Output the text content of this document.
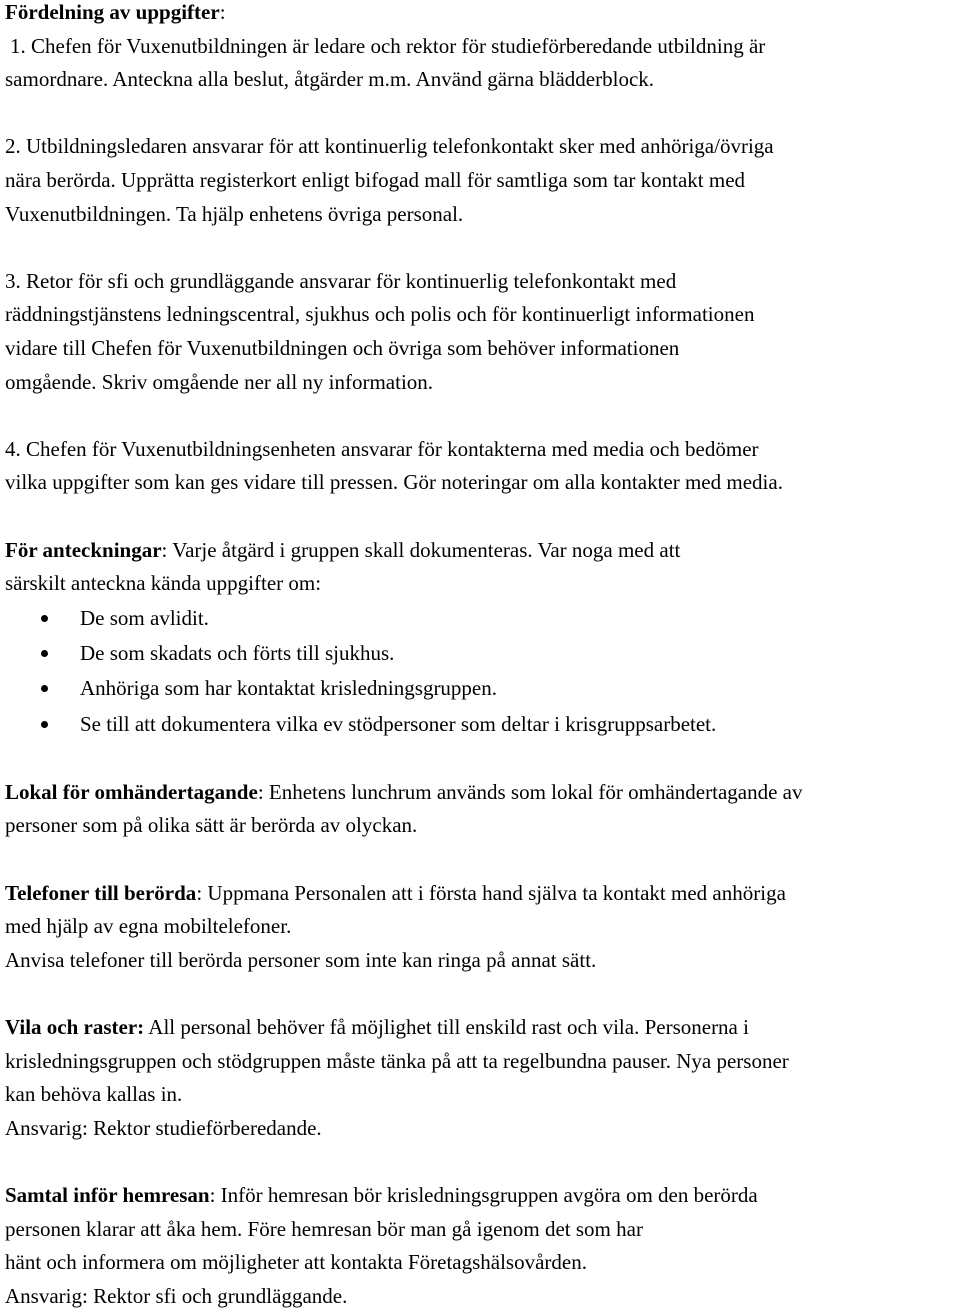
Fördelning av uppgifter:

1. Chefen för Vuxenutbildningen är ledare och rektor för studieförberedande utbildning är

samordnare. Anteckna alla beslut, åtgärder m.m. Använd gärna blädderblock.

2. Utbildningsledaren ansvarar för att kontinuerlig telefonkontakt sker med anhöriga/övriga

nära berörda. Upprätta registerkort enligt bifogad mall för samtliga som tar kontakt med

Vuxenutbildningen. Ta hjälp enhetens övriga personal.

3. Retor för sfi och grundläggande ansvarar för kontinuerlig telefonkontakt med

räddningstjänstens ledningscentral, sjukhus och polis och för kontinuerligt informationen

vidare till Chefen för Vuxenutbildningen och övriga som behöver informationen

omgående. Skriv omgående ner all ny information.

4. Chefen för Vuxenutbildningsenheten ansvarar för kontakterna med media och bedömer

vilka uppgifter som kan ges vidare till pressen. Gör noteringar om alla kontakter med media.

För anteckningar: Varje åtgärd i gruppen skall dokumenteras. Var noga med att

särskilt anteckna kända uppgifter om:

De som avlidit.
De som skadats och förts till sjukhus.
Anhöriga som har kontaktat krisledningsgruppen.
Se till att dokumentera vilka ev stödpersoner som deltar i krisgruppsarbetet.

Lokal för omhändertagande: Enhetens lunchrum används som lokal för omhändertagande av

personer som på olika sätt är berörda av olyckan.

Telefoner till berörda: Uppmana Personalen att i första hand själva ta kontakt med anhöriga

med hjälp av egna mobiltelefoner.

Anvisa telefoner till berörda personer som inte kan ringa på annat sätt.

Vila och raster: All personal behöver få möjlighet till enskild rast och vila. Personerna i

krisledningsgruppen och stödgruppen måste tänka på att ta regelbundna pauser. Nya personer

kan behöva kallas in.

Ansvarig: Rektor studieförberedande.

Samtal inför hemresan: Inför hemresan bör krisledningsgruppen avgöra om den berörda

personen klarar att åka hem. Före hemresan bör man gå igenom det som har

hänt och informera om möjligheter att kontakta Företagshälsovården.

Ansvarig: Rektor sfi och grundläggande.
